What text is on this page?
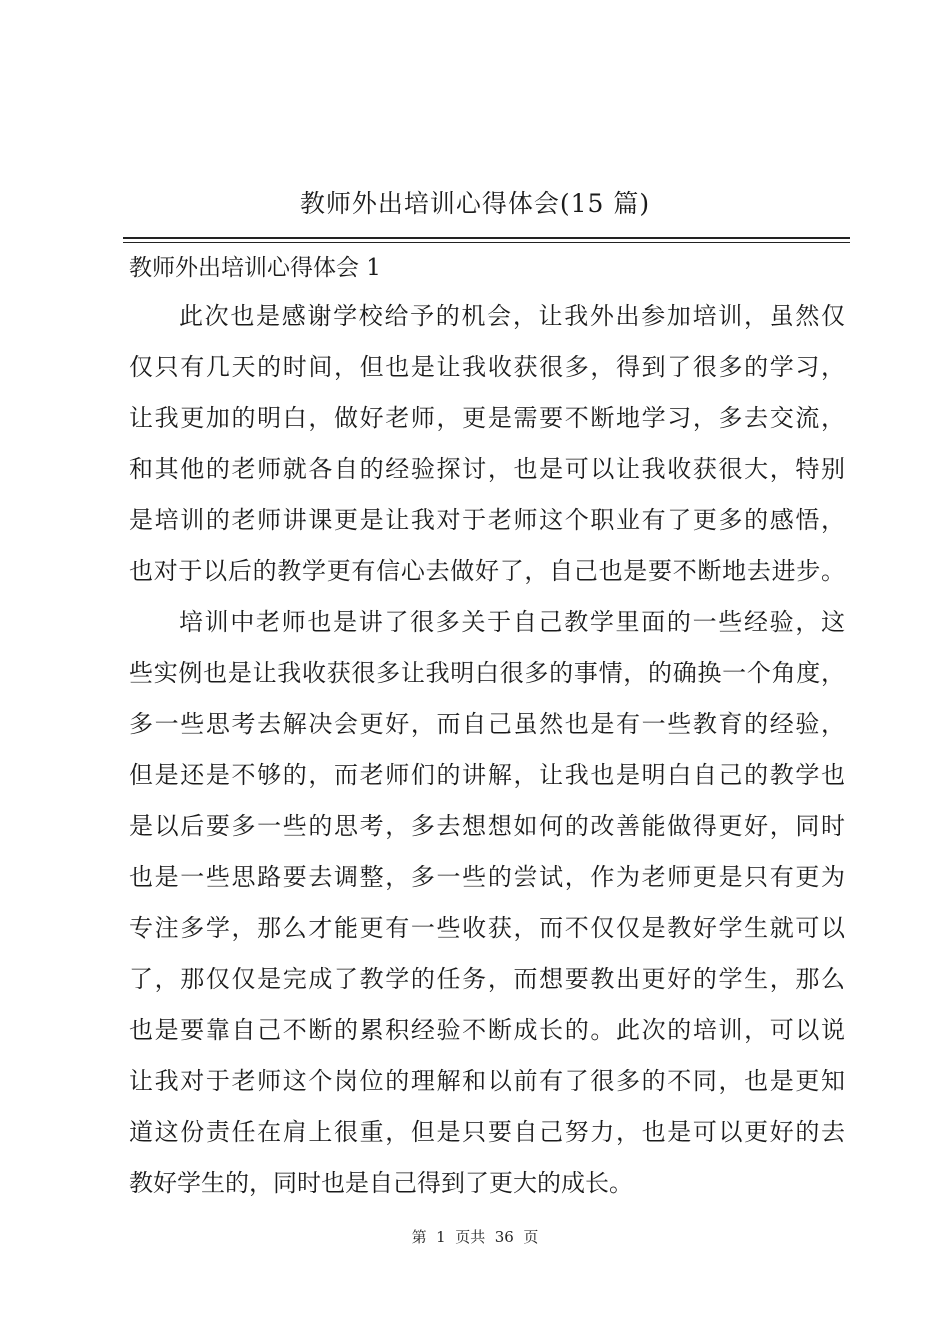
教师外出培训心得体会(15 篇)
教师外出培训心得体会 1
此次也是感谢学校给予的机会，让我外出参加培训，虽然仅
仅只有几天的时间，但也是让我收获很多，得到了很多的学习，
让我更加的明白，做好老师，更是需要不断地学习，多去交流，
和其他的老师就各自的经验探讨，也是可以让我收获很大，特别
是培训的老师讲课更是让我对于老师这个职业有了更多的感悟，
也对于以后的教学更有信心去做好了，自己也是要不断地去进步。
培训中老师也是讲了很多关于自己教学里面的一些经验，这
些实例也是让我收获很多让我明白很多的事情，的确换一个角度，
多一些思考去解决会更好，而自己虽然也是有一些教育的经验，
但是还是不够的，而老师们的讲解，让我也是明白自己的教学也
是以后要多一些的思考，多去想想如何的改善能做得更好，同时
也是一些思路要去调整，多一些的尝试，作为老师更是只有更为
专注多学，那么才能更有一些收获，而不仅仅是教好学生就可以
了，那仅仅是完成了教学的任务，而想要教出更好的学生，那么
也是要靠自己不断的累积经验不断成长的。此次的培训，可以说
让我对于老师这个岗位的理解和以前有了很多的不同，也是更知
道这份责任在肩上很重，但是只要自己努力，也是可以更好的去
教好学生的，同时也是自己得到了更大的成长。
第  1  页共  36  页
